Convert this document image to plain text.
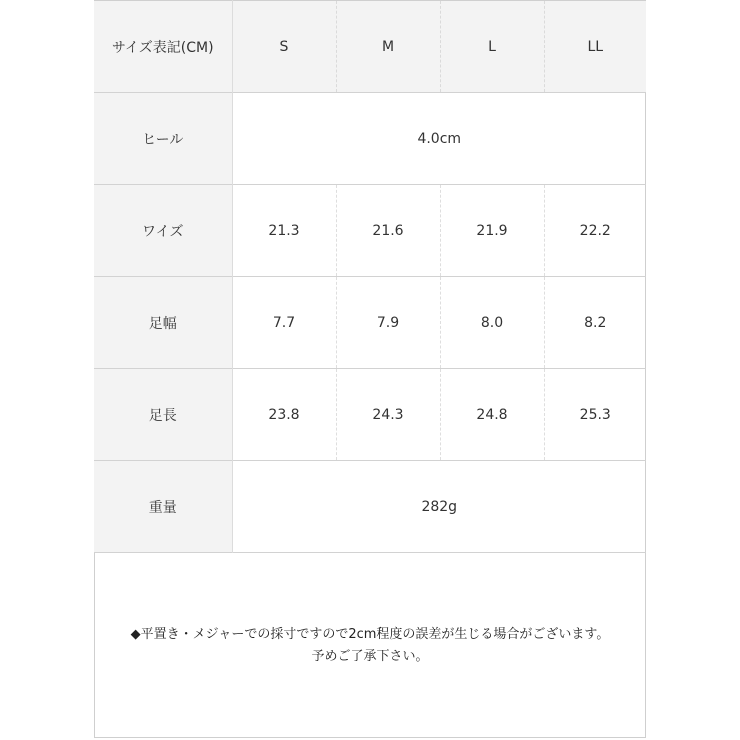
サイズ表記(CM)	S	M	L	LL
ヒール	4.0cm			
ワイズ	21.3	21.6	21.9	22.2
足幅	7.7	7.9	8.0	8.2
足長	23.8	24.3	24.8	25.3
重量	282g			
◆平置き・メジャーでの採寸ですので2cm程度の誤差が生じる場合がございます。
予めご了承下さい。
